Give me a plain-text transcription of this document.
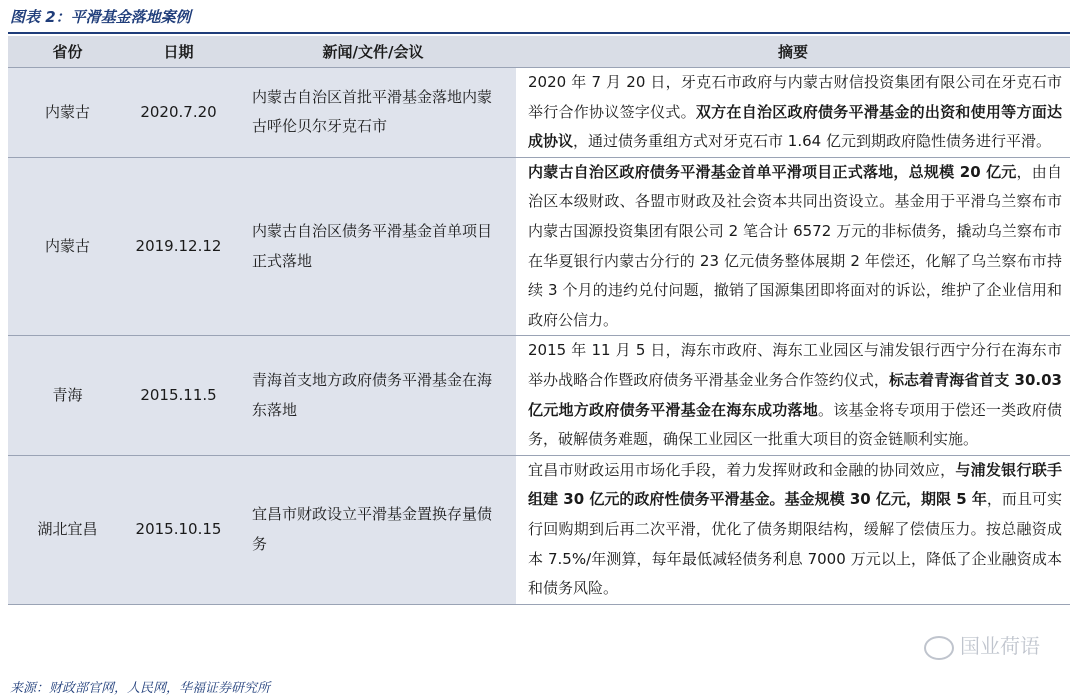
图表 2：平滑基金落地案例
省份	日期	新闻/文件/会议	摘要
内蒙古	2020.7.20	内蒙古自治区首批平滑基金落地内蒙古呼伦贝尔牙克石市	2020 年 7 月 20 日，牙克石市政府与内蒙古财信投资集团有限公司在牙克石市举行合作协议签字仪式。双方在自治区政府债务平滑基金的出资和使用等方面达成协议，通过债务重组方式对牙克石市 1.64 亿元到期政府隐性债务进行平滑。
内蒙古	2019.12.12	内蒙古自治区债务平滑基金首单项目正式落地	内蒙古自治区政府债务平滑基金首单平滑项目正式落地，总规模 20 亿元，由自治区本级财政、各盟市财政及社会资本共同出资设立。基金用于平滑乌兰察布市内蒙古国源投资集团有限公司 2 笔合计 6572 万元的非标债务，撬动乌兰察布市在华夏银行内蒙古分行的 23 亿元债务整体展期 2 年偿还，化解了乌兰察布市持续 3 个月的违约兑付问题，撤销了国源集团即将面对的诉讼，维护了企业信用和政府公信力。
青海	2015.11.5	青海首支地方政府债务平滑基金在海东落地	2015 年 11 月 5 日，海东市政府、海东工业园区与浦发银行西宁分行在海东市举办战略合作暨政府债务平滑基金业务合作签约仪式，标志着青海省首支 30.03 亿元地方政府债务平滑基金在海东成功落地。该基金将专项用于偿还一类政府债务，破解债务难题，确保工业园区一批重大项目的资金链顺利实施。
湖北宜昌	2015.10.15	宜昌市财政设立平滑基金置换存量债务	宜昌市财政运用市场化手段，着力发挥财政和金融的协同效应，与浦发银行联手组建 30 亿元的政府性债务平滑基金。基金规模 30 亿元，期限 5 年，而且可实行回购期到后再二次平滑，优化了债务期限结构，缓解了偿债压力。按总融资成本 7.5%/年测算，每年最低减轻债务利息 7000 万元以上，降低了企业融资成本和债务风险。
来源：财政部官网，人民网，华福证券研究所
国业荷语
